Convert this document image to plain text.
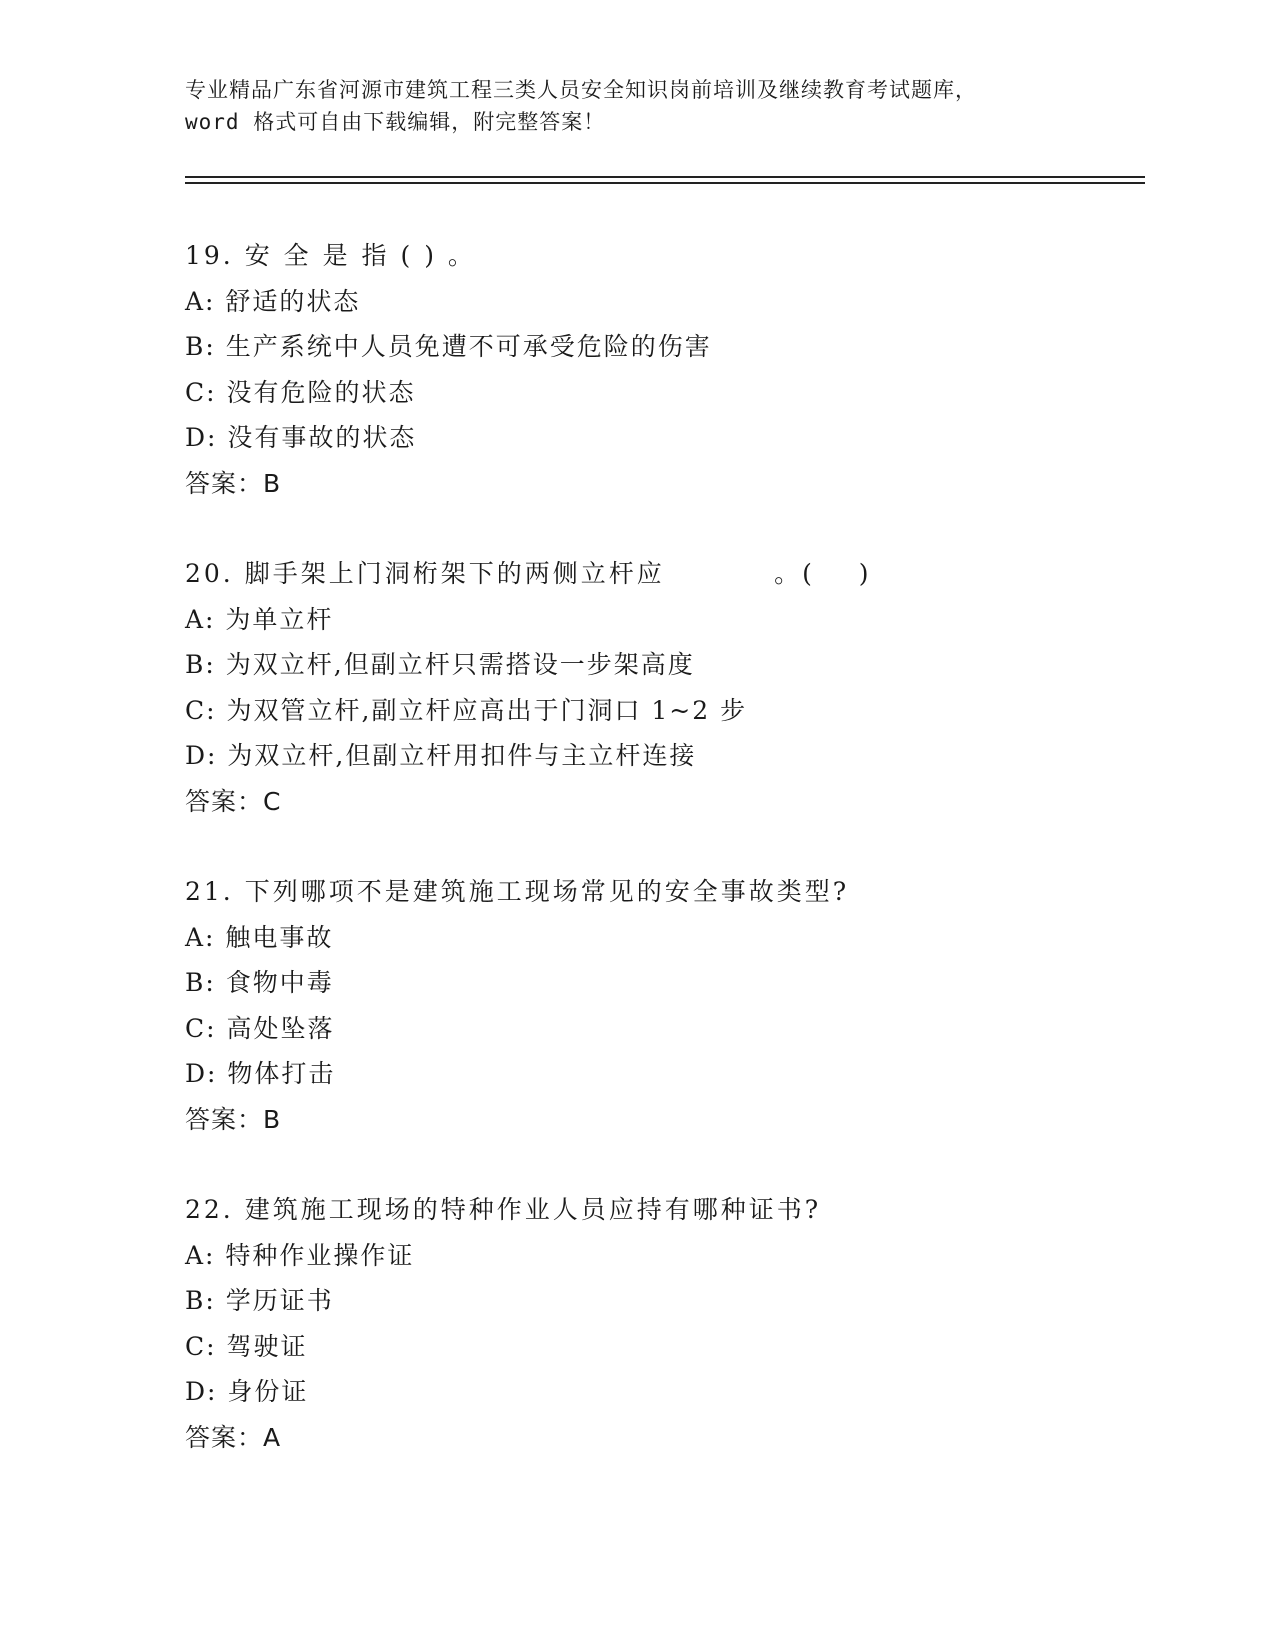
专业精品广东省河源市建筑工程三类人员安全知识岗前培训及继续教育考试题库，
word 格式可自由下载编辑，附完整答案！
19. 安 全 是 指 ( ) 。
A: 舒适的状态
B: 生产系统中人员免遭不可承受危险的伤害
C: 没有危险的状态
D: 没有事故的状态
答案：B
20. 脚手架上门洞桁架下的两侧立杆应          。(    )
A: 为单立杆
B: 为双立杆,但副立杆只需搭设一步架高度
C: 为双管立杆,副立杆应高出于门洞口 1~2 步
D: 为双立杆,但副立杆用扣件与主立杆连接
答案：C
21. 下列哪项不是建筑施工现场常见的安全事故类型?
A: 触电事故
B: 食物中毒
C: 高处坠落
D: 物体打击
答案：B
22. 建筑施工现场的特种作业人员应持有哪种证书?
A: 特种作业操作证
B: 学历证书
C: 驾驶证
D: 身份证
答案：A
